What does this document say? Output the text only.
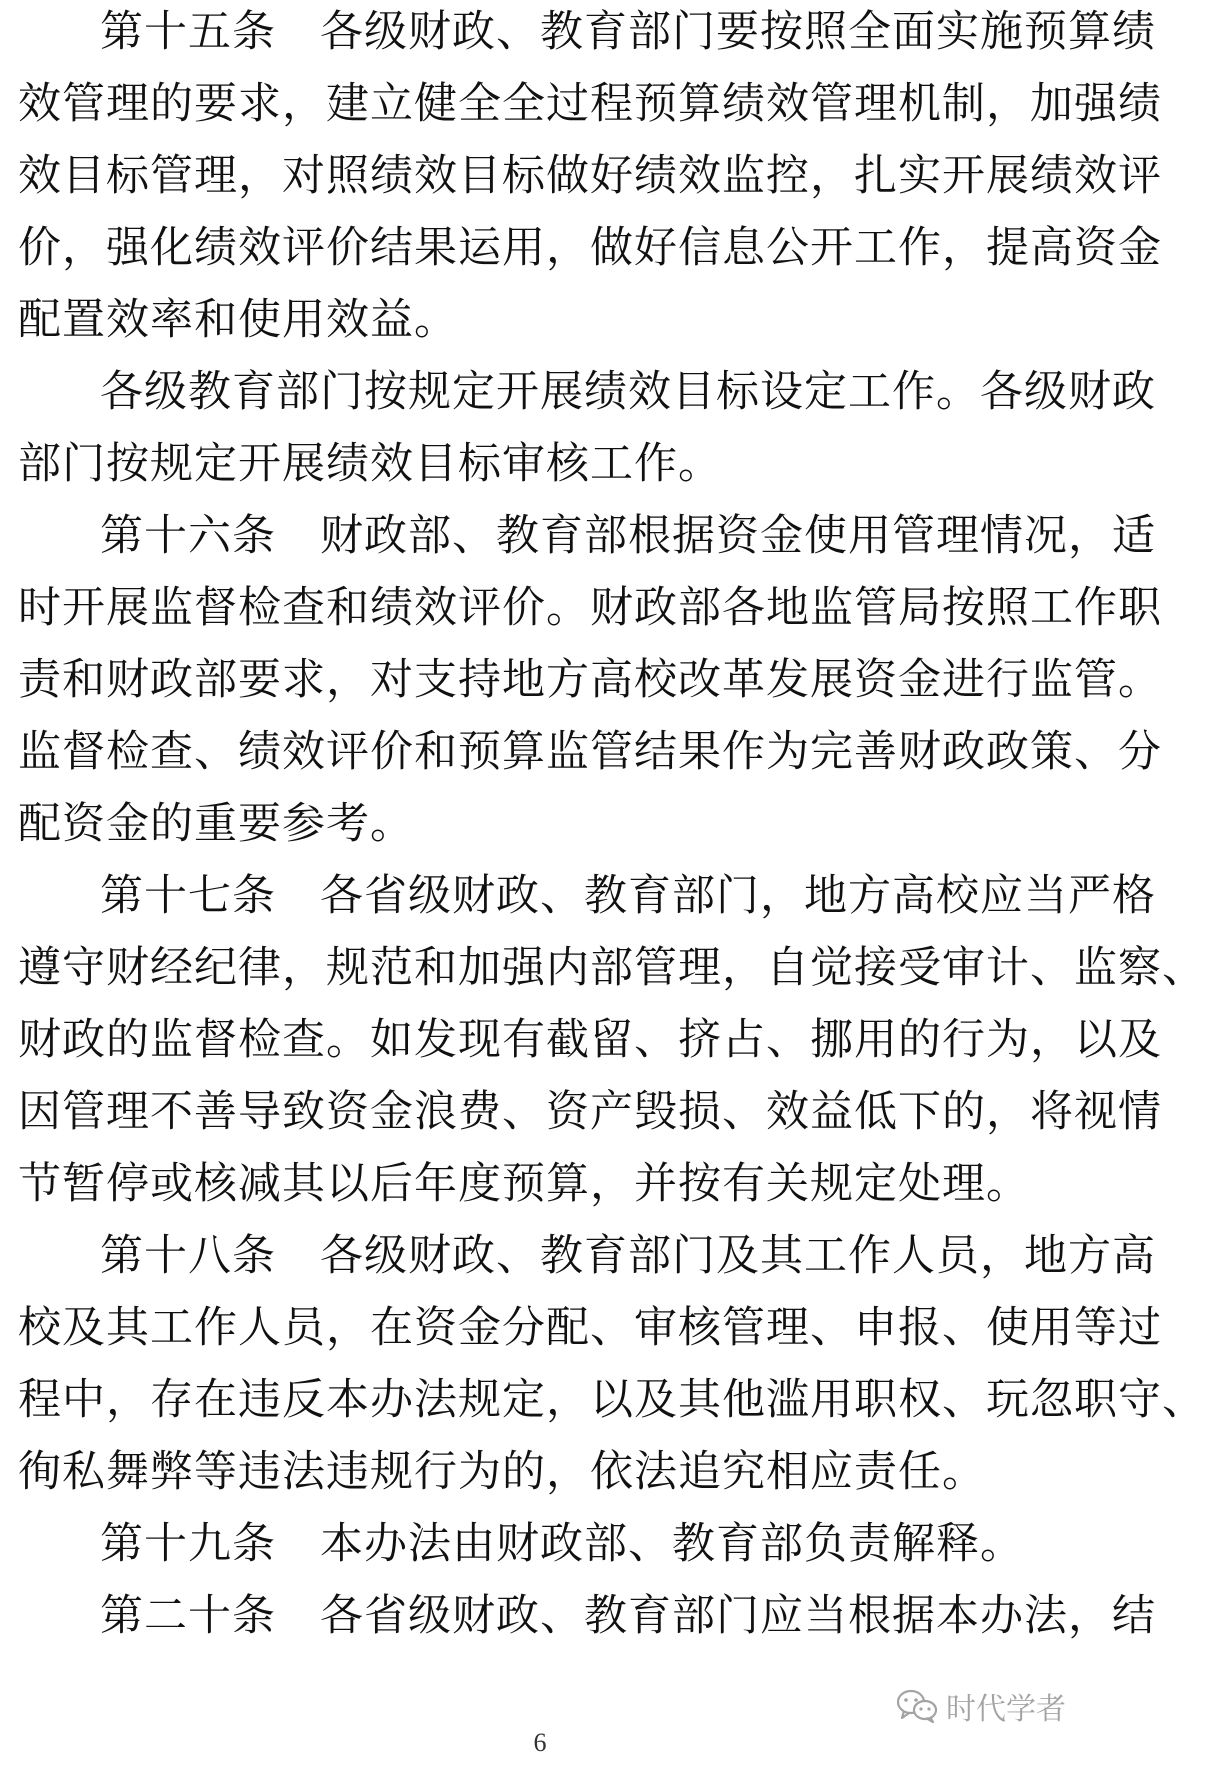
第十五条　各级财政、教育部门要按照全面实施预算绩
效管理的要求，建立健全全过程预算绩效管理机制，加强绩
效目标管理，对照绩效目标做好绩效监控，扎实开展绩效评
价，强化绩效评价结果运用，做好信息公开工作，提高资金
配置效率和使用效益。
各级教育部门按规定开展绩效目标设定工作。各级财政
部门按规定开展绩效目标审核工作。
第十六条　财政部、教育部根据资金使用管理情况，适
时开展监督检查和绩效评价。财政部各地监管局按照工作职
责和财政部要求，对支持地方高校改革发展资金进行监管。
监督检查、绩效评价和预算监管结果作为完善财政政策、分
配资金的重要参考。
第十七条　各省级财政、教育部门，地方高校应当严格
遵守财经纪律，规范和加强内部管理，自觉接受审计、监察、
财政的监督检查。如发现有截留、挤占、挪用的行为，以及
因管理不善导致资金浪费、资产毁损、效益低下的，将视情
节暂停或核减其以后年度预算，并按有关规定处理。
第十八条　各级财政、教育部门及其工作人员，地方高
校及其工作人员，在资金分配、审核管理、申报、使用等过
程中，存在违反本办法规定，以及其他滥用职权、玩忽职守、
徇私舞弊等违法违规行为的，依法追究相应责任。
第十九条　本办法由财政部、教育部负责解释。
第二十条　各省级财政、教育部门应当根据本办法，结
时代学者
6
